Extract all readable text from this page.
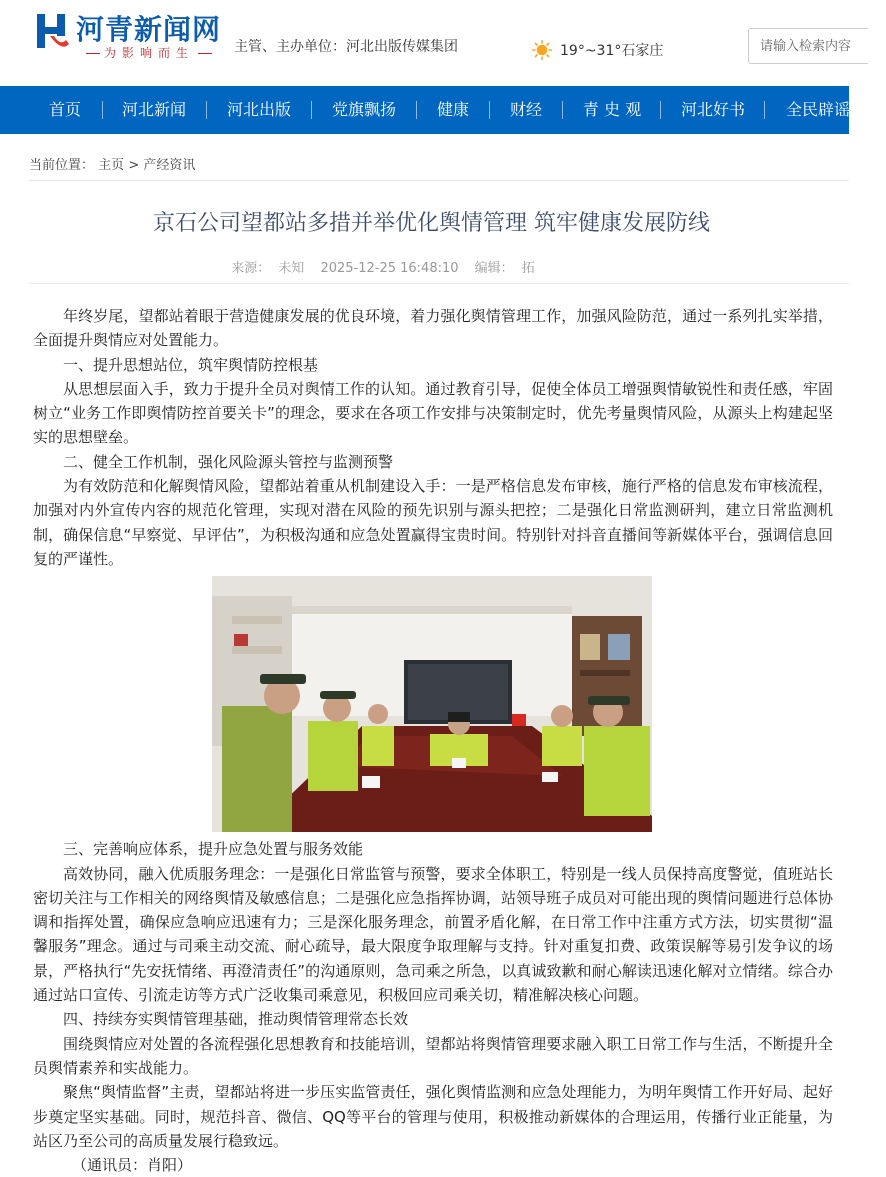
河青新闻网
为影响而生	主管、主办单位：河北出版传媒集团	19°~31°石家庄
请输入检索内容
首页	河北新闻	河北出版	党旗飘扬	健康	财经	青 史 观	河北好书	全民辟谣
当前位置： 主页 > 产经资讯
京石公司望都站多措并举优化舆情管理 筑牢健康发展防线
来源： 未知 2025-12-25 16:48:10 编辑： 拓

年终岁尾，望都站着眼于营造健康发展的优良环境，着力强化舆情管理工作，加强风险防范，通过一系列扎实举措，全面提升舆情应对处置能力。

一、提升思想站位，筑牢舆情防控根基

从思想层面入手，致力于提升全员对舆情工作的认知。通过教育引导，促使全体员工增强舆情敏锐性和责任感，牢固树立“业务工作即舆情防控首要关卡”的理念，要求在各项工作安排与决策制定时，优先考量舆情风险，从源头上构建起坚实的思想壁垒。

二、健全工作机制，强化风险源头管控与监测预警

为有效防范和化解舆情风险，望都站着重从机制建设入手：一是严格信息发布审核，施行严格的信息发布审核流程，加强对内外宣传内容的规范化管理，实现对潜在风险的预先识别与源头把控；二是强化日常监测研判，建立日常监测机制，确保信息“早察觉、早评估”，为积极沟通和应急处置赢得宝贵时间。特别针对抖音直播间等新媒体平台，强调信息回复的严谨性。

三、完善响应体系，提升应急处置与服务效能

高效协同，融入优质服务理念：一是强化日常监管与预警，要求全体职工，特别是一线人员保持高度警觉，值班站长密切关注与工作相关的网络舆情及敏感信息；二是强化应急指挥协调，站领导班子成员对可能出现的舆情问题进行总体协调和指挥处置，确保应急响应迅速有力；三是深化服务理念，前置矛盾化解，在日常工作中注重方式方法，切实贯彻“温馨服务”理念。通过与司乘主动交流、耐心疏导，最大限度争取理解与支持。针对重复扣费、政策误解等易引发争议的场景，严格执行“先安抚情绪、再澄清责任”的沟通原则，急司乘之所急，以真诚致歉和耐心解读迅速化解对立情绪。综合办通过站口宣传、引流走访等方式广泛收集司乘意见，积极回应司乘关切，精准解决核心问题。

四、持续夯实舆情管理基础，推动舆情管理常态长效

围绕舆情应对处置的各流程强化思想教育和技能培训，望都站将舆情管理要求融入职工日常工作与生活，不断提升全员舆情素养和实战能力。

聚焦“舆情监督”主责，望都站将进一步压实监管责任，强化舆情监测和应急处理能力，为明年舆情工作开好局、起好步奠定坚实基础。同时，规范抖音、微信、QQ等平台的管理与使用，积极推动新媒体的合理运用，传播行业正能量，为站区乃至公司的高质量发展行稳致远。

（通讯员：肖阳）
